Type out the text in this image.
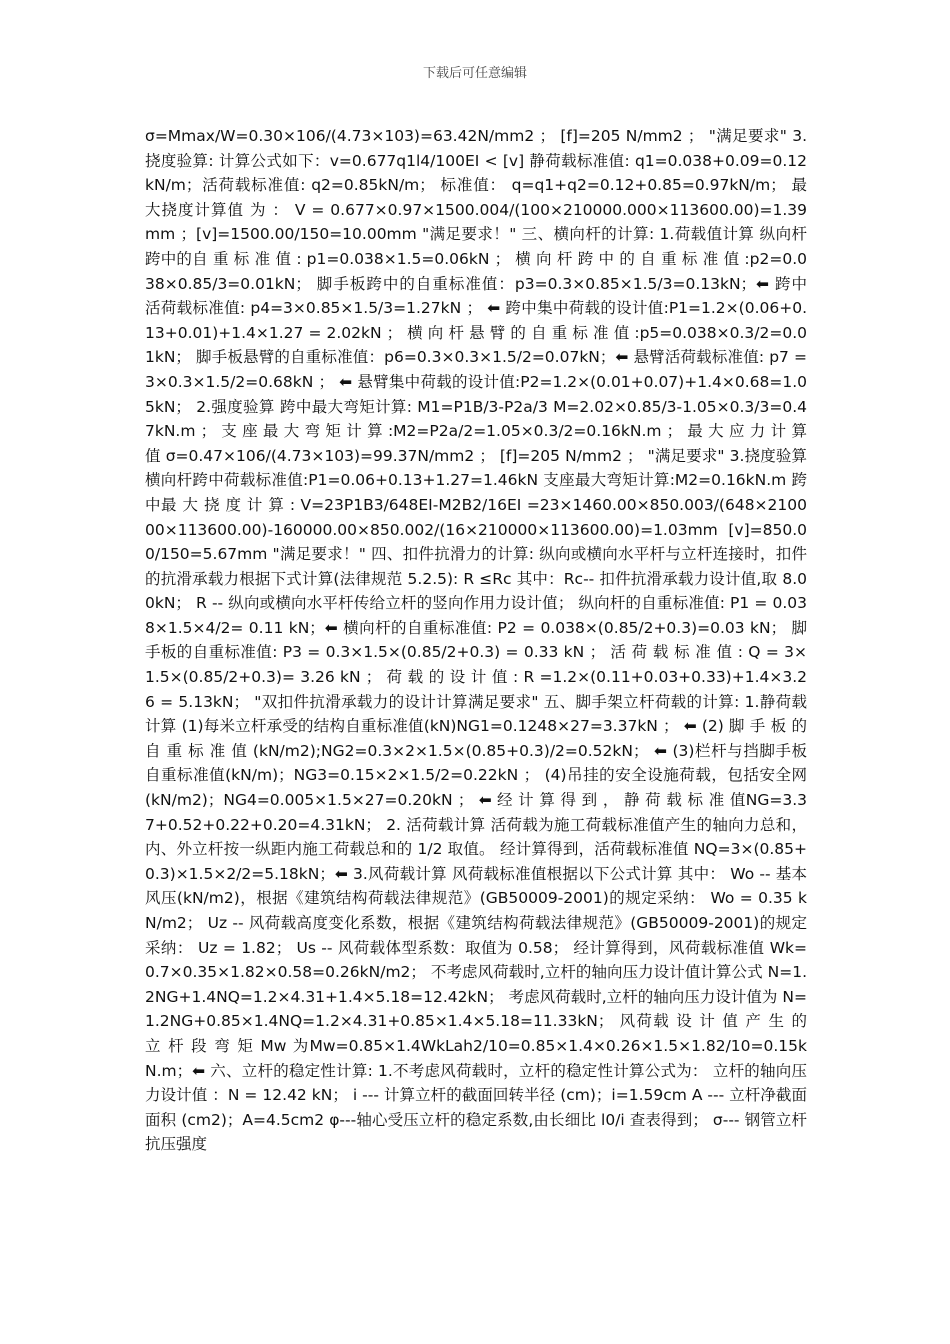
下载后可任意编辑
σ=Mmax/W=0.30×106/(4.73×103)=63.42N/mm2 ； [f]=205 N/mm2 ； "满足要求" 3.挠度验算: 计算公式如下：v=0.677q1l4/100EI < [v] 静荷载标准值: q1=0.038+0.09=0.12kN/m；活荷载标准值: q2=0.85kN/m； 标准值： q=q1+q2=0.12+0.85=0.97kN/m； 最大挠度计算值 为 ： V = 0.677×0.97×1500.004/(100×210000.000×113600.00)=1.39mm ；[v]=1500.00/150=10.00mm "满足要求！" 三、横向杆的计算: 1.荷载值计算 纵向杆跨中的自 重 标 准 值 : p1=0.038×1.5=0.06kN ； 横 向 杆 跨 中 的 自 重 标 准 值 :p2=0.038×0.85/3=0.01kN； 脚手板跨中的自重标准值：p3=0.3×0.85×1.5/3=0.13kN；⬅ 跨中活荷载标准值: p4=3×0.85×1.5/3=1.27kN ； ⬅ 跨中集中荷载的设计值:P1=1.2×(0.06+0.13+0.01)+1.4×1.27 = 2.02kN ； 横 向 杆 悬 臂 的 自 重 标 准 值 :p5=0.038×0.3/2=0.01kN； 脚手板悬臂的自重标准值：p6=0.3×0.3×1.5/2=0.07kN；⬅ 悬臂活荷载标准值: p7 = 3×0.3×1.5/2=0.68kN ； ⬅ 悬臂集中荷载的设计值:P2=1.2×(0.01+0.07)+1.4×0.68=1.05kN； 2.强度验算 跨中最大弯矩计算: M1=P1B/3-P2a/3 M=2.02×0.85/3-1.05×0.3/3=0.47kN.m ； 支 座 最 大 弯 矩 计 算 :M2=P2a/2=1.05×0.3/2=0.16kN.m ； 最 大 应 力 计 算 值 σ=0.47×106/(4.73×103)=99.37N/mm2 ； [f]=205 N/mm2 ； "满足要求" 3.挠度验算 横向杆跨中荷载标准值:P1=0.06+0.13+1.27=1.46kN 支座最大弯矩计算:M2=0.16kN.m 跨中最 大 挠 度 计 算 : V=23P1B3/648EI-M2B2/16EI =23×1460.00×850.003/(648×210000×113600.00)-160000.00×850.002/(16×210000×113600.00)=1.03mm [v]=850.00/150=5.67mm "满足要求！" 四、扣件抗滑力的计算: 纵向或横向水平杆与立杆连接时，扣件的抗滑承载力根据下式计算(法律规范 5.2.5): R ≤Rc 其中：Rc-- 扣件抗滑承载力设计值,取 8.00kN； R -- 纵向或横向水平杆传给立杆的竖向作用力设计值； 纵向杆的自重标准值: P1 = 0.038×1.5×4/2= 0.11 kN；⬅ 横向杆的自重标准值: P2 = 0.038×(0.85/2+0.3)=0.03 kN； 脚手板的自重标准值: P3 = 0.3×1.5×(0.85/2+0.3) = 0.33 kN ； 活 荷 载 标 准 值 : Q = 3×1.5×(0.85/2+0.3)= 3.26 kN ； 荷 载 的 设 计 值 : R =1.2×(0.11+0.03+0.33)+1.4×3.26 = 5.13kN； "双扣件抗滑承载力的设计计算满足要求" 五、脚手架立杆荷载的计算: 1.静荷载计算 (1)每米立杆承受的结构自重标准值(kN)NG1=0.1248×27=3.37kN ； ⬅ (2) 脚 手 板 的 自 重 标 准 值 (kN/m2);NG2=0.3×2×1.5×(0.85+0.3)/2=0.52kN； ⬅ (3)栏杆与挡脚手板自重标准值(kN/m)；NG3=0.15×2×1.5/2=0.22kN ； (4)吊挂的安全设施荷载，包括安全网(kN/m2)；NG4=0.005×1.5×27=0.20kN ； ⬅ 经 计 算 得 到 ， 静 荷 载 标 准 值NG=3.37+0.52+0.22+0.20=4.31kN； 2. 活荷载计算 活荷载为施工荷载标准值产生的轴向力总和，内、外立杆按一纵距内施工荷载总和的 1/2 取值。 经计算得到，活荷载标准值 NQ=3×(0.85+0.3)×1.5×2/2=5.18kN；⬅ 3.风荷载计算 风荷载标准值根据以下公式计算 其中： Wo -- 基本风压(kN/m2)，根据《建筑结构荷载法律规范》(GB50009-2001)的规定采纳： Wo = 0.35 kN/m2； Uz -- 风荷载高度变化系数，根据《建筑结构荷载法律规范》(GB50009-2001)的规定采纳： Uz = 1.82； Us -- 风荷载体型系数：取值为 0.58； 经计算得到，风荷载标准值 Wk=0.7×0.35×1.82×0.58=0.26kN/m2； 不考虑风荷载时,立杆的轴向压力设计值计算公式 N=1.2NG+1.4NQ=1.2×4.31+1.4×5.18=12.42kN； 考虑风荷载时,立杆的轴向压力设计值为 N=1.2NG+0.85×1.4NQ=1.2×4.31+0.85×1.4×5.18=11.33kN； 风荷载 设 计 值 产 生 的 立 杆 段 弯 矩 Mw 为Mw=0.85×1.4WkLah2/10=0.85×1.4×0.26×1.5×1.82/10=0.15kN.m；⬅ 六、立杆的稳定性计算: 1.不考虑风荷载时，立杆的稳定性计算公式为： 立杆的轴向压力设计值 ：N = 12.42 kN； i --- 计算立杆的截面回转半径 (cm)；i=1.59cm A --- 立杆净截面面积 (cm2)；A=4.5cm2 φ---轴心受压立杆的稳定系数,由长细比 l0/i 查表得到； σ--- 钢管立杆抗压强度
